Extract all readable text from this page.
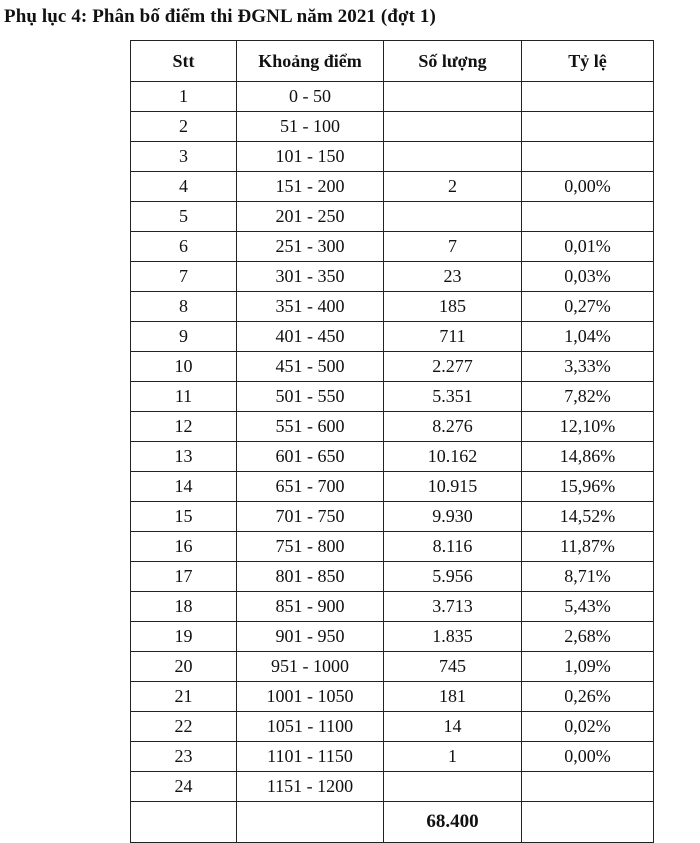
Phụ lục 4: Phân bố điểm thi ĐGNL năm 2021 (đợt 1)
Stt	Khoảng điểm	Số lượng	Tỷ lệ
1	0 - 50		
2	51 - 100		
3	101 - 150		
4	151 - 200	2	0,00%
5	201 - 250		
6	251 - 300	7	0,01%
7	301 - 350	23	0,03%
8	351 - 400	185	0,27%
9	401 - 450	711	1,04%
10	451 - 500	2.277	3,33%
11	501 - 550	5.351	7,82%
12	551 - 600	8.276	12,10%
13	601 - 650	10.162	14,86%
14	651 - 700	10.915	15,96%
15	701 - 750	9.930	14,52%
16	751 - 800	8.116	11,87%
17	801 - 850	5.956	8,71%
18	851 - 900	3.713	5,43%
19	901 - 950	1.835	2,68%
20	951 - 1000	745	1,09%
21	1001 - 1050	181	0,26%
22	1051 - 1100	14	0,02%
23	1101 - 1150	1	0,00%
24	1151 - 1200		
		68.400	
